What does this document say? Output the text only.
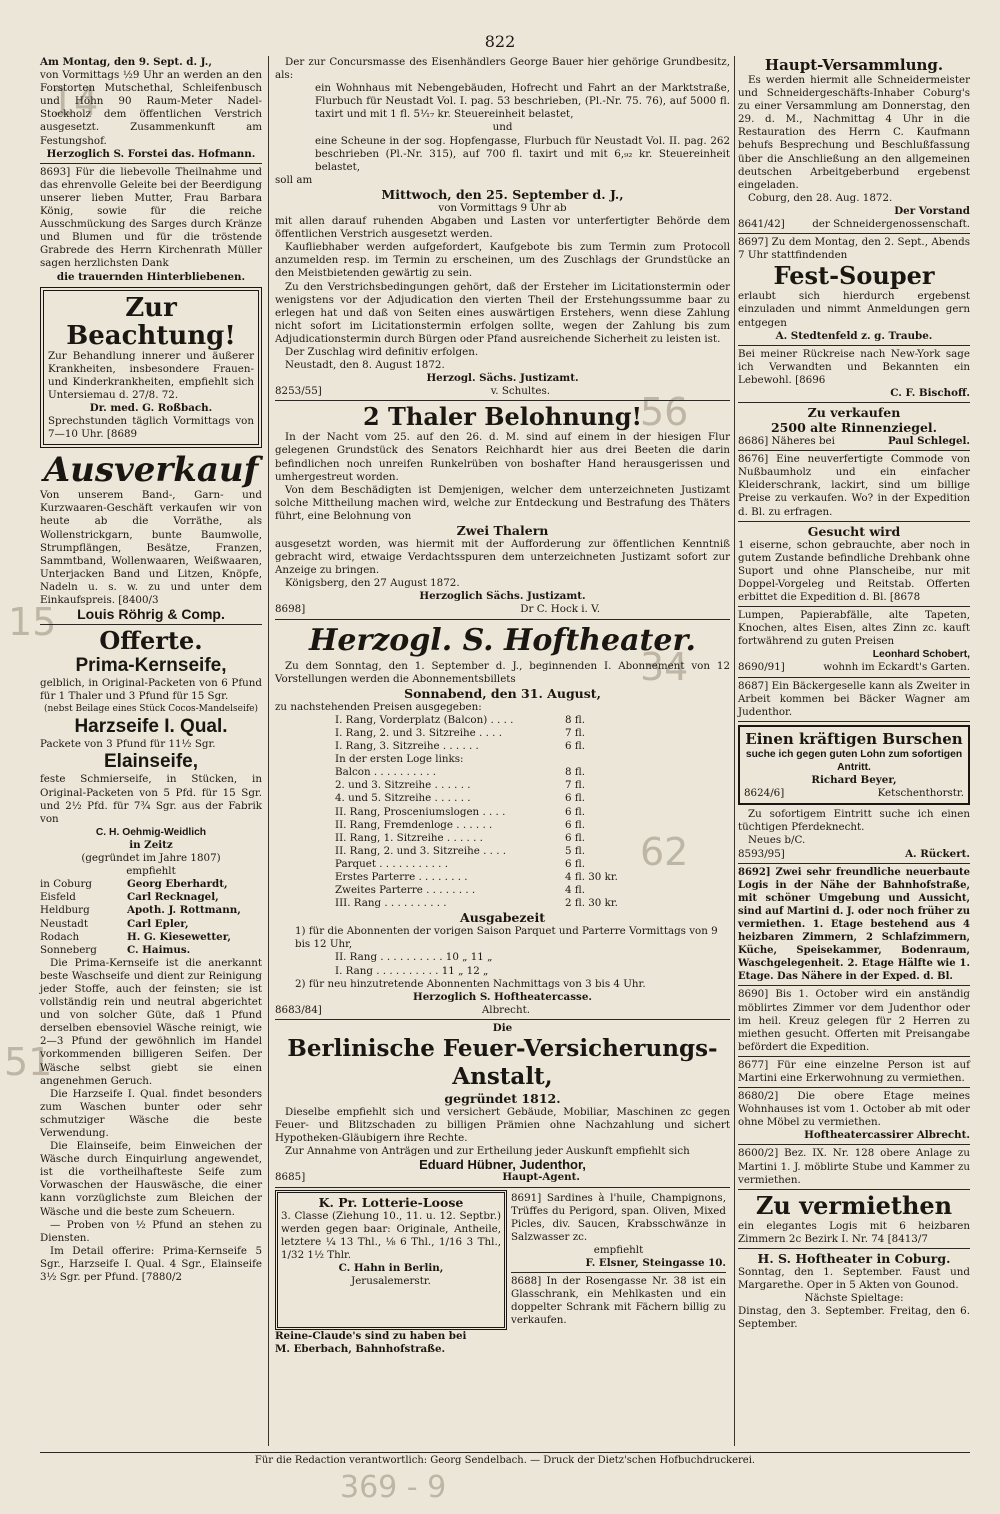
822
14
15
56
62
34
51
369 - 9

Am Montag, den 9. Sept. d. J.,

von Vormittags ½9 Uhr an werden an den Forstorten Mutschethal, Schleifenbusch und Höhn 90 Raum-Meter Nadel-Stockholz dem öffentlichen Verstrich ausgesetzt. Zusammenkunft am Festungshof.

Herzoglich S. Forstei das. Hofmann.

8693] Für die liebevolle Theilnahme und das ehrenvolle Geleite bei der Beerdigung unserer lieben Mutter, Frau Barbara König, sowie für die reiche Ausschmückung des Sarges durch Kränze und Blumen und für die tröstende Grabrede des Herrn Kirchenrath Müller sagen herzlichsten Dank

die trauernden Hinterbliebenen.

Zur Beachtung!

Zur Behandlung innerer und äußerer Krankheiten, insbesondere Frauen- und Kinderkrankheiten, empfiehlt sich Untersiemau d. 27/8. 72.

Dr. med. G. Roßbach.

Sprechstunden täglich Vormittags von 7—10 Uhr. [8689

Ausverkauf

Von unserem Band-, Garn- und Kurzwaaren-Geschäft verkaufen wir von heute ab die Vorräthe, als Wollenstrickgarn, bunte Baumwolle, Strumpflängen, Besätze, Franzen, Sammtband, Wollenwaaren, Weißwaaren, Unterjacken Band und Litzen, Knöpfe, Nadeln u. s. w. zu und unter dem Einkaufspreis. [8400/3

Louis Röhrig & Comp.

Offerte.

Prima-Kernseife,

gelblich, in Original-Packeten von 6 Pfund für 1 Thaler und 3 Pfund für 15 Sgr.

(nebst Beilage eines Stück Cocos-Mandelseife)

Harzseife I. Qual.

Packete von 3 Pfund für 11½ Sgr.

Elainseife,

feste Schmierseife, in Stücken, in Original-Packeten von 5 Pfd. für 15 Sgr. und 2½ Pfd. für 7¾ Sgr. aus der Fabrik von

C. H. Oehmig-Weidlich

in Zeitz

(gegründet im Jahre 1807)

empfiehlt

in Coburg	Georg Eberhardt,
Eisfeld	Carl Recknagel,
Heldburg	Apoth. J. Rottmann,
Neustadt	Carl Epler,
Rodach	H. G. Kiesewetter,
Sonneberg	C. Haimus.

Die Prima-Kernseife ist die anerkannt beste Waschseife und dient zur Reinigung jeder Stoffe, auch der feinsten; sie ist vollständig rein und neutral abgerichtet und von solcher Güte, daß 1 Pfund derselben ebensoviel Wäsche reinigt, wie 2—3 Pfund der gewöhnlich im Handel vorkommenden billigeren Seifen. Der Wäsche selbst giebt sie einen angenehmen Geruch.

Die Harzseife I. Qual. findet besonders zum Waschen bunter oder sehr schmutziger Wäsche die beste Verwendung.

Die Elainseife, beim Einweichen der Wäsche durch Einquirlung angewendet, ist die vortheilhafteste Seife zum Vorwaschen der Hauswäsche, die einer kann vorzüglichste zum Bleichen der Wäsche und die beste zum Scheuern.

— Proben von ½ Pfund an stehen zu Diensten.

Im Detail offerire: Prima-Kernseife 5 Sgr., Harzseife I. Qual. 4 Sgr., Elainseife 3½ Sgr. per Pfund. [7880/2

Der zur Concursmasse des Eisenhändlers George Bauer hier gehörige Grundbesitz, als:

ein Wohnhaus mit Nebengebäuden, Hofrecht und Fahrt an der Marktstraße, Flurbuch für Neustadt Vol. I. pag. 53 beschrieben, (Pl.-Nr. 75. 76), auf 5000 fl. taxirt und mit 1 fl. 5¹⁄₁₇ kr. Steuereinheit belastet,

und

eine Scheune in der sog. Hopfengasse, Flurbuch für Neustadt Vol. II. pag. 262 beschrieben (Pl.-Nr. 315), auf 700 fl. taxirt und mit 6,₉₂ kr. Steuereinheit belastet,

soll am

Mittwoch, den 25. September d. J.,

von Vormittags 9 Uhr ab

mit allen darauf ruhenden Abgaben und Lasten vor unterfertigter Behörde dem öffentlichen Verstrich ausgesetzt werden.

Kaufliebhaber werden aufgefordert, Kaufgebote bis zum Termin zum Protocoll anzumelden resp. im Termin zu erscheinen, um des Zuschlags der Grundstücke an den Meistbietenden gewärtig zu sein.

Zu den Verstrichsbedingungen gehört, daß der Ersteher im Licitationstermin oder wenigstens vor der Adjudication den vierten Theil der Erstehungssumme baar zu erlegen hat und daß von Seiten eines auswärtigen Erstehers, wenn diese Zahlung nicht sofort im Licitationstermin erfolgen sollte, wegen der Zahlung bis zum Adjudicationstermin durch Bürgen oder Pfand ausreichende Sicherheit zu leisten ist.

Der Zuschlag wird definitiv erfolgen.

Neustadt, den 8. August 1872.

Herzogl. Sächs. Justizamt.

8253/55]	v. Schultes.

2 Thaler Belohnung!

In der Nacht vom 25. auf den 26. d. M. sind auf einem in der hiesigen Flur gelegenen Grundstück des Senators Reichhardt hier aus drei Beeten die darin befindlichen noch unreifen Runkelrüben von boshafter Hand herausgerissen und umhergestreut worden.

Von dem Beschädigten ist Demjenigen, welcher dem unterzeichneten Justizamt solche Mittheilung machen wird, welche zur Entdeckung und Bestrafung des Thäters führt, eine Belohnung von

Zwei Thalern

ausgesetzt worden, was hiermit mit der Aufforderung zur öffentlichen Kenntniß gebracht wird, etwaige Verdachtsspuren dem unterzeichneten Justizamt sofort zur Anzeige zu bringen.

Königsberg, den 27 August 1872.

Herzoglich Sächs. Justizamt.

8698]	Dr C. Hock i. V.

Herzogl. S. Hoftheater.

Zu dem Sonntag, den 1. September d. J., beginnenden I. Abonnement von 12 Vorstellungen werden die Abonnementsbillets

Sonnabend, den 31. August,

zu nachstehenden Preisen ausgegeben:

I. Rang, Vorderplatz (Balcon) . . . .	8 fl.
I. Rang, 2. und 3. Sitzreihe . . . .	7 fl.
I. Rang, 3. Sitzreihe . . . . . .	6 fl.
In der ersten Loge links:
Balcon . . . . . . . . . .	8 fl.
2. und 3. Sitzreihe . . . . . .	7 fl.
4. und 5. Sitzreihe . . . . . .	6 fl.
II. Rang, Prosceniumslogen . . . .	6 fl.
II. Rang, Fremdenloge . . . . . .	6 fl.
II. Rang, 1. Sitzreihe . . . . . .	6 fl.
II. Rang, 2. und 3. Sitzreihe . . . .	5 fl.
Parquet . . . . . . . . . . .	6 fl.
Erstes Parterre . . . . . . . .	4 fl. 30 kr.
Zweites Parterre . . . . . . . .	4 fl.
III. Rang . . . . . . . . . .	2 fl. 30 kr.

Ausgabezeit

1) für die Abonnenten der vorigen Saison Parquet und Parterre Vormittags von 9 bis 12 Uhr,

II. Rang . . . . . . . . . . 10 „ 11 „

I. Rang . . . . . . . . . . 11 „ 12 „

2) für neu hinzutretende Abonnenten Nachmittags von 3 bis 4 Uhr.

Herzoglich S. Hoftheatercasse.

8683/84]	Albrecht.

Die

Berlinische Feuer-Versicherungs-Anstalt,

gegründet 1812.

Dieselbe empfiehlt sich und versichert Gebäude, Mobiliar, Maschinen zc gegen Feuer- und Blitzschaden zu billigen Prämien ohne Nachzahlung und sichert Hypotheken-Gläubigern ihre Rechte.

Zur Annahme von Anträgen und zur Ertheilung jeder Auskunft empfiehlt sich

Eduard Hübner, Judenthor,

8685]	Haupt-Agent.

K. Pr. Lotterie-Loose

3. Classe (Ziehung 10., 11. u. 12. Septbr.) werden gegen baar: Originale, Antheile, letztere ¼ 13 Thl., ⅛ 6 Thl., 1/16 3 Thl., 1/32 1½ Thlr.

C. Hahn in Berlin,

Jerusalemerstr.

8691] Sardines à l'huile, Champignons, Trüffes du Perigord, span. Oliven, Mixed Picles, div. Saucen, Krabsschwänze in Salzwasser zc.

empfiehlt

F. Elsner, Steingasse 10.

8688] In der Rosengasse Nr. 38 ist ein Glasschrank, ein Mehlkasten und ein doppelter Schrank mit Fächern billig zu verkaufen.

Reine-Claude's sind zu haben bei

M. Eberbach, Bahnhofstraße.

Haupt-Versammlung.

Es werden hiermit alle Schneidermeister und Schneidergeschäfts-Inhaber Coburg's zu einer Versammlung am Donnerstag, den 29. d. M., Nachmittag 4 Uhr in die Restauration des Herrn C. Kaufmann behufs Besprechung und Beschlußfassung über die Anschließung an den allgemeinen deutschen Arbeitgeberbund ergebenst eingeladen.

Coburg, den 28. Aug. 1872.

Der Vorstand

8641/42]	der Schneidergenossenschaft.

8697] Zu dem Montag, den 2. Sept., Abends 7 Uhr stattfindenden

Fest-Souper

erlaubt sich hierdurch ergebenst einzuladen und nimmt Anmeldungen gern entgegen

A. Stedtenfeld z. g. Traube.

Bei meiner Rückreise nach New-York sage ich Verwandten und Bekannten ein Lebewohl. [8696

C. F. Bischoff.

Zu verkaufen

2500 alte Rinnenziegel.

8686] Näheres bei	Paul Schlegel.

8676] Eine neuverfertigte Commode von Nußbaumholz und ein einfacher Kleiderschrank, lackirt, sind um billige Preise zu verkaufen. Wo? in der Expedition d. Bl. zu erfragen.

Gesucht wird

1 eiserne, schon gebrauchte, aber noch in gutem Zustande befindliche Drehbank ohne Suport und ohne Planscheibe, nur mit Doppel-Vorgeleg und Reitstab. Offerten erbittet die Expedition d. Bl. [8678

Lumpen, Papierabfälle, alte Tapeten, Knochen, altes Eisen, altes Zinn zc. kauft fortwährend zu guten Preisen

Leonhard Schobert,

8690/91]	wohnh im Eckardt's Garten.

8687] Ein Bäckergeselle kann als Zweiter in Arbeit kommen bei Bäcker Wagner am Judenthor.

Einen kräftigen Burschen

suche ich gegen guten Lohn zum sofortigen Antritt.

Richard Beyer,

8624/6]	Ketschenthorstr.

Zu sofortigem Eintritt suche ich einen tüchtigen Pferdeknecht.

Neues b/C.

8593/95]	A. Rückert.

8692] Zwei sehr freundliche neuerbaute Logis in der Nähe der Bahnhofstraße, mit schöner Umgebung und Aussicht, sind auf Martini d. J. oder noch früher zu vermiethen. 1. Etage bestehend aus 4 heizbaren Zimmern, 2 Schlafzimmern, Küche, Speisekammer, Bodenraum, Waschgelegenheit. 2. Etage Hälfte wie 1. Etage. Das Nähere in der Exped. d. Bl.

8690] Bis 1. October wird ein anständig möblirtes Zimmer vor dem Judenthor oder im heil. Kreuz gelegen für 2 Herren zu miethen gesucht. Offerten mit Preisangabe befördert die Expedition.

8677] Für eine einzelne Person ist auf Martini eine Erkerwohnung zu vermiethen.

8680/2] Die obere Etage meines Wohnhauses ist vom 1. October ab mit oder ohne Möbel zu vermiethen.

Hoftheatercassirer Albrecht.

8600/2] Bez. IX. Nr. 128 obere Anlage zu Martini 1. J. möblirte Stube und Kammer zu vermiethen.

Zu vermiethen

ein elegantes Logis mit 6 heizbaren Zimmern 2c Bezirk I. Nr. 74 [8413/7

H. S. Hoftheater in Coburg.

Sonntag, den 1. September. Faust und Margarethe. Oper in 5 Akten von Gounod.

Nächste Spieltage:

Dinstag, den 3. September. Freitag, den 6. September.

Für die Redaction verantwortlich: Georg Sendelbach. — Druck der Dietz'schen Hofbuchdruckerei.
